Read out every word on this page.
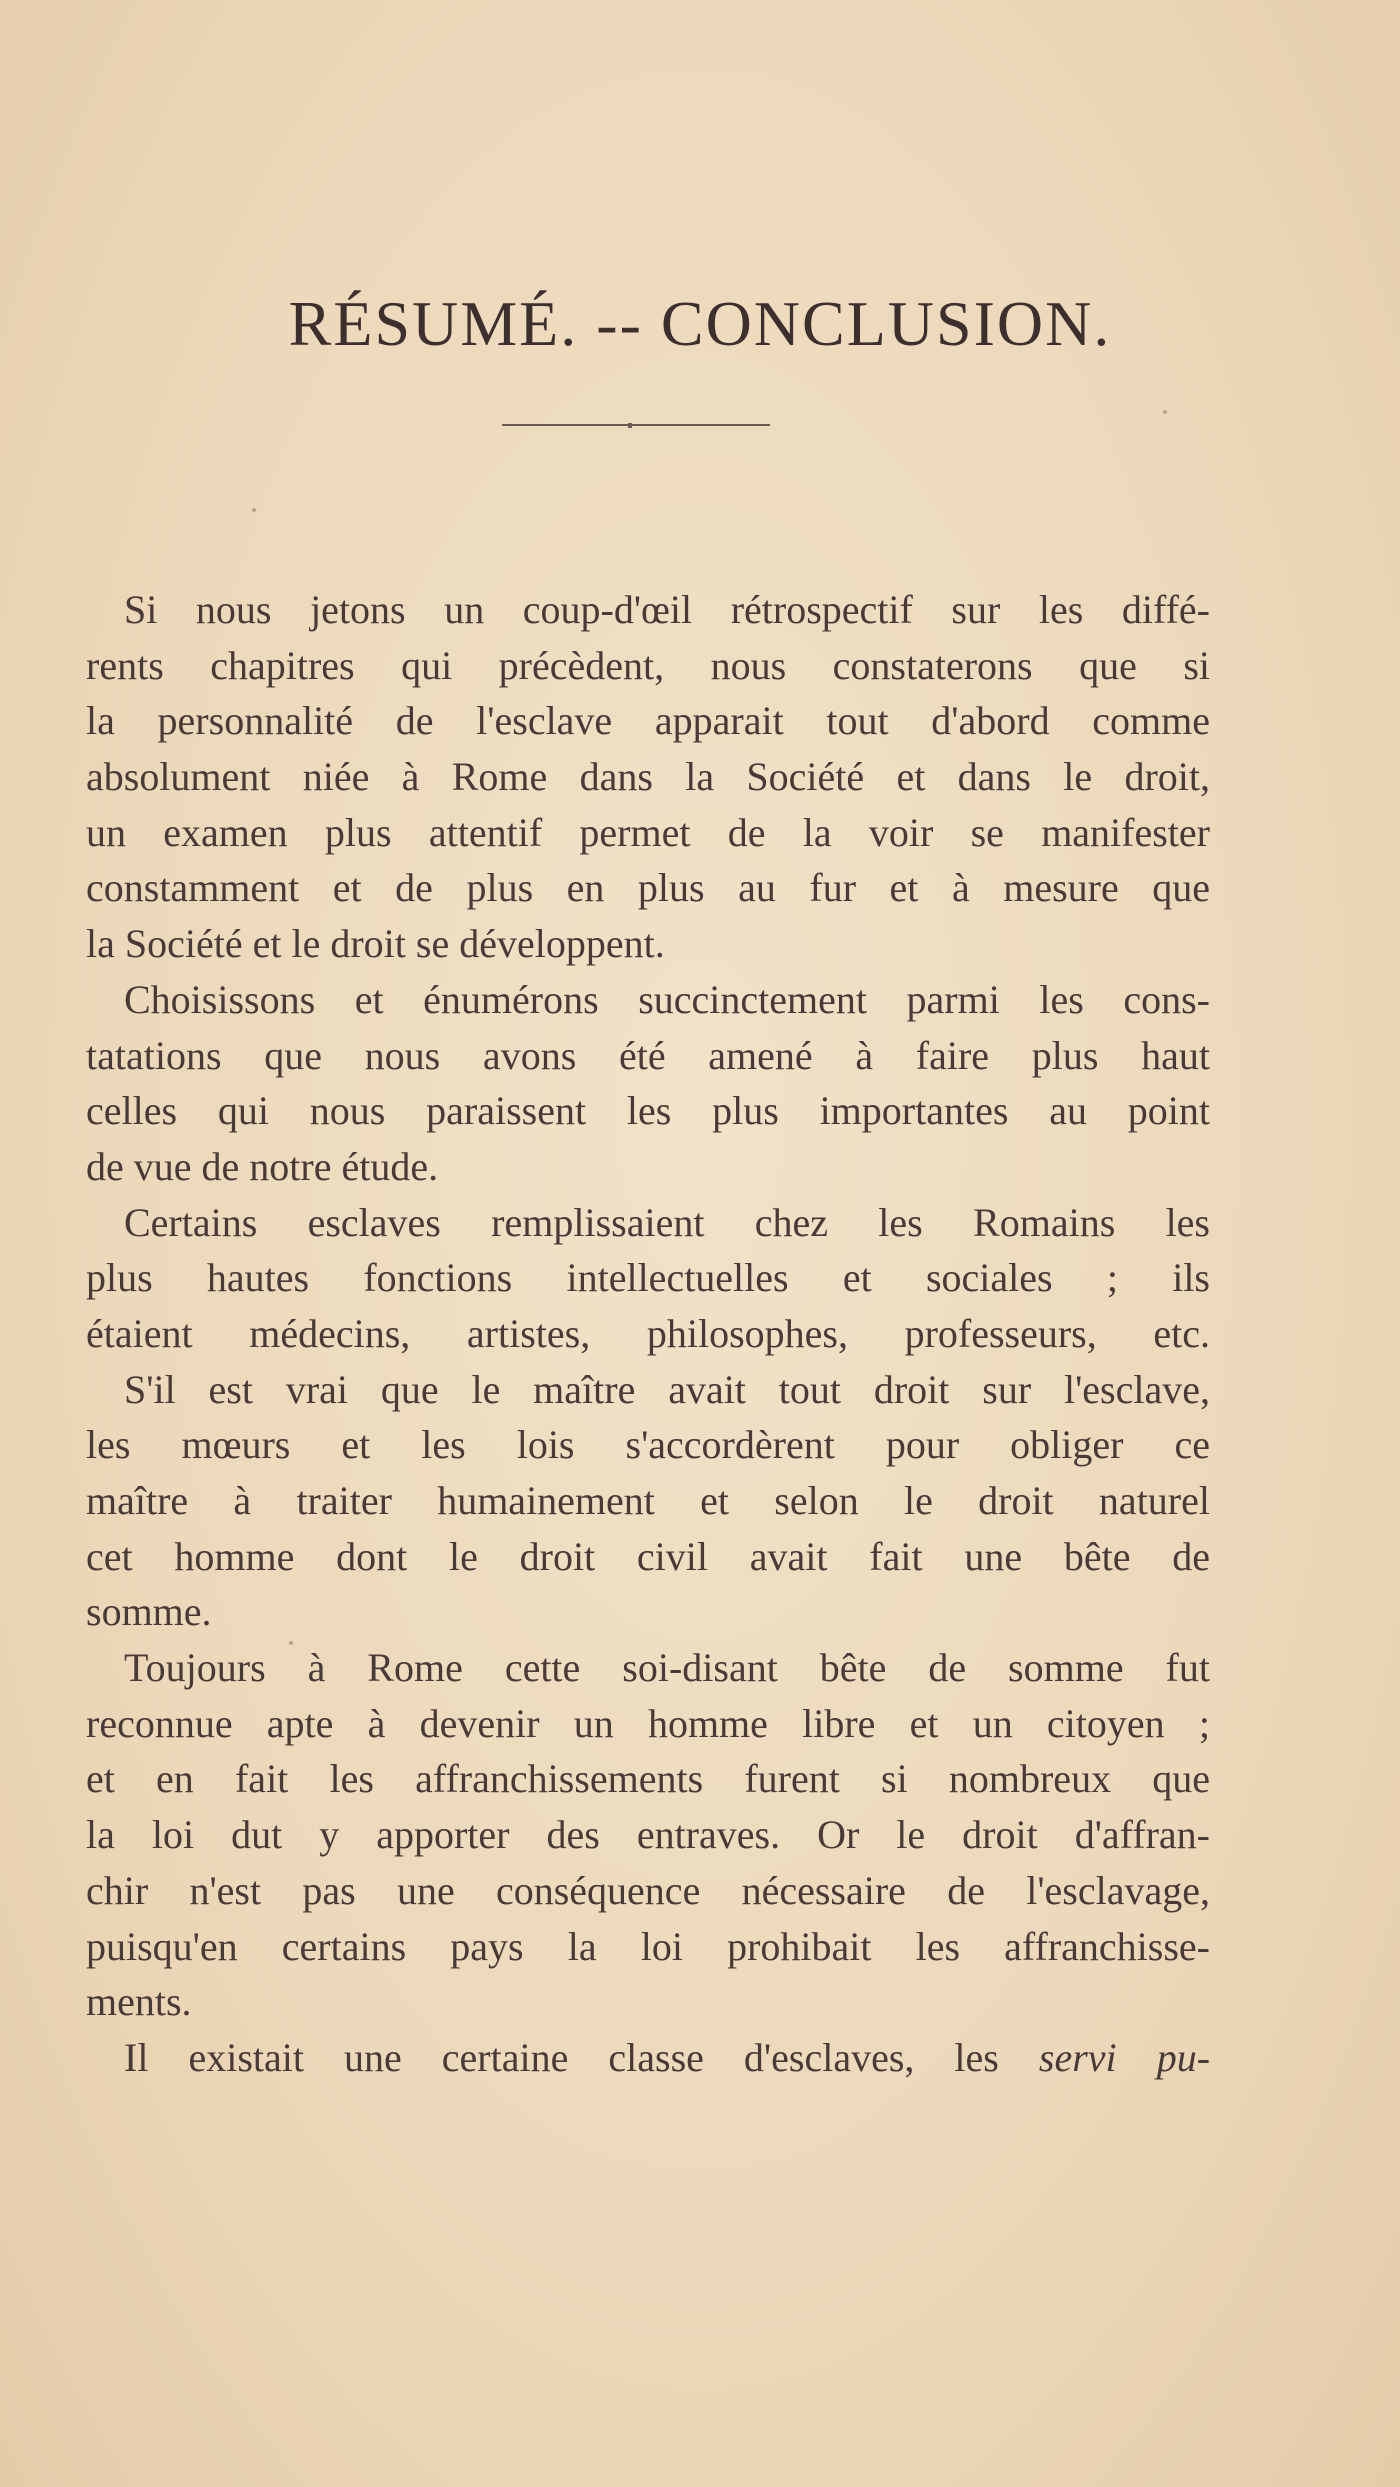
RÉSUMÉ. -- CONCLUSION.
Si nous jetons un coup-d'œil rétrospectif sur les diffé-
rents chapitres qui précèdent, nous constaterons que si
la personnalité de l'esclave apparait tout d'abord comme
absolument niée à Rome dans la Société et dans le droit,
un examen plus attentif permet de la voir se manifester
constamment et de plus en plus au fur et à mesure que
la Société et le droit se développent.
Choisissons et énumérons succinctement parmi les cons-
tatations que nous avons été amené à faire plus haut
celles qui nous paraissent les plus importantes au point
de vue de notre étude.
Certains esclaves remplissaient chez les Romains les
plus hautes fonctions intellectuelles et sociales ; ils
étaient médecins, artistes, philosophes, professeurs, etc.
S'il est vrai que le maître avait tout droit sur l'esclave,
les mœurs et les lois s'accordèrent pour obliger ce
maître à traiter humainement et selon le droit naturel
cet homme dont le droit civil avait fait une bête de
somme.
Toujours à Rome cette soi-disant bête de somme fut
reconnue apte à devenir un homme libre et un citoyen ;
et en fait les affranchissements furent si nombreux que
la loi dut y apporter des entraves. Or le droit d'affran-
chir n'est pas une conséquence nécessaire de l'esclavage,
puisqu'en certains pays la loi prohibait les affranchisse-
ments.
Il existait une certaine classe d'esclaves, les servi pu-
